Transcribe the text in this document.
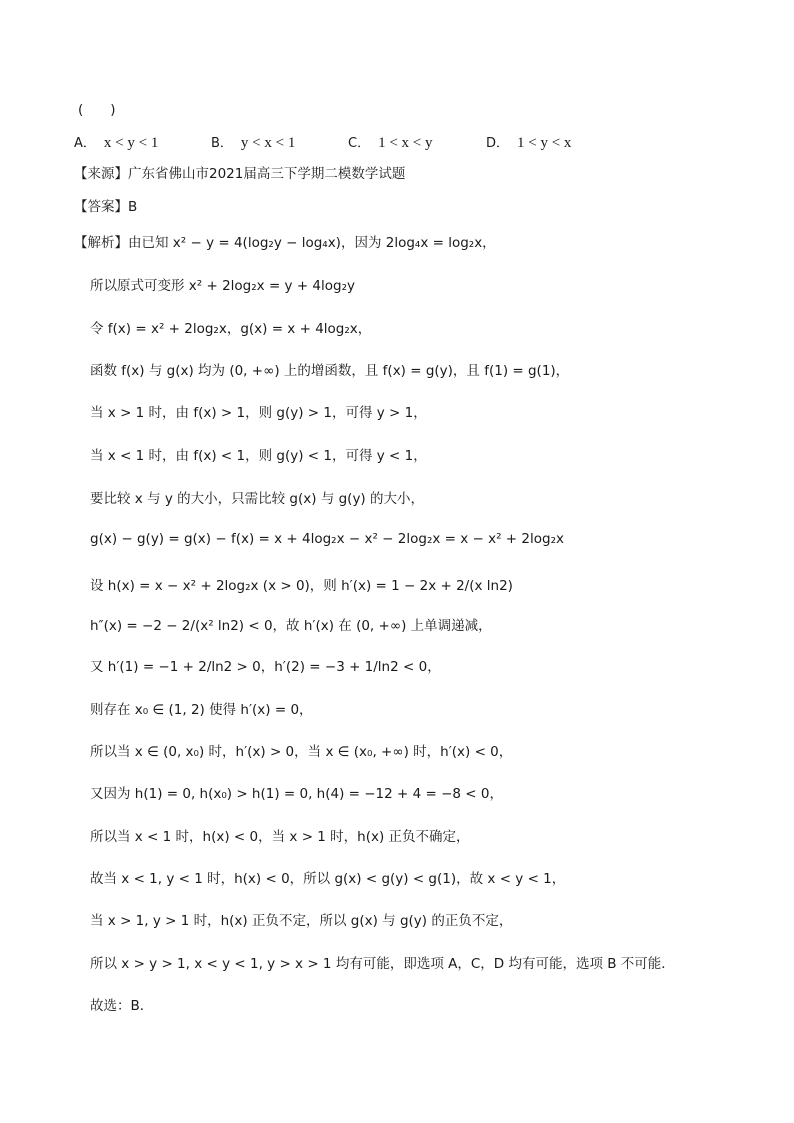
(　　)
A． x < y < 1	B． y < x < 1	C． 1 < x < y	D． 1 < y < x
【来源】广东省佛山市2021届高三下学期二模数学试题
【答案】B
【解析】由已知 x² − y = 4(log₂y − log₄x)，因为 2log₄x = log₂x，
所以原式可变形 x² + 2log₂x = y + 4log₂y
令 f(x) = x² + 2log₂x，g(x) = x + 4log₂x，
函数 f(x) 与 g(x) 均为 (0, +∞) 上的增函数，且 f(x) = g(y)，且 f(1) = g(1)，
当 x > 1 时，由 f(x) > 1，则 g(y) > 1，可得 y > 1，
当 x < 1 时，由 f(x) < 1，则 g(y) < 1，可得 y < 1，
要比较 x 与 y 的大小，只需比较 g(x) 与 g(y) 的大小，
g(x) − g(y) = g(x) − f(x) = x + 4log₂x − x² − 2log₂x = x − x² + 2log₂x
设 h(x) = x − x² + 2log₂x (x > 0)，则 h′(x) = 1 − 2x + 2/(x ln2)
h″(x) = −2 − 2/(x² ln2) < 0，故 h′(x) 在 (0, +∞) 上单调递减，
又 h′(1) = −1 + 2/ln2 > 0，h′(2) = −3 + 1/ln2 < 0，
则存在 x₀ ∈ (1, 2) 使得 h′(x) = 0，
所以当 x ∈ (0, x₀) 时，h′(x) > 0，当 x ∈ (x₀, +∞) 时，h′(x) < 0，
又因为 h(1) = 0, h(x₀) > h(1) = 0, h(4) = −12 + 4 = −8 < 0，
所以当 x < 1 时，h(x) < 0，当 x > 1 时，h(x) 正负不确定，
故当 x < 1, y < 1 时，h(x) < 0，所以 g(x) < g(y) < g(1)，故 x < y < 1，
当 x > 1, y > 1 时，h(x) 正负不定，所以 g(x) 与 g(y) 的正负不定，
所以 x > y > 1, x < y < 1, y > x > 1 均有可能，即选项 A，C，D 均有可能，选项 B 不可能．
故选：B．
